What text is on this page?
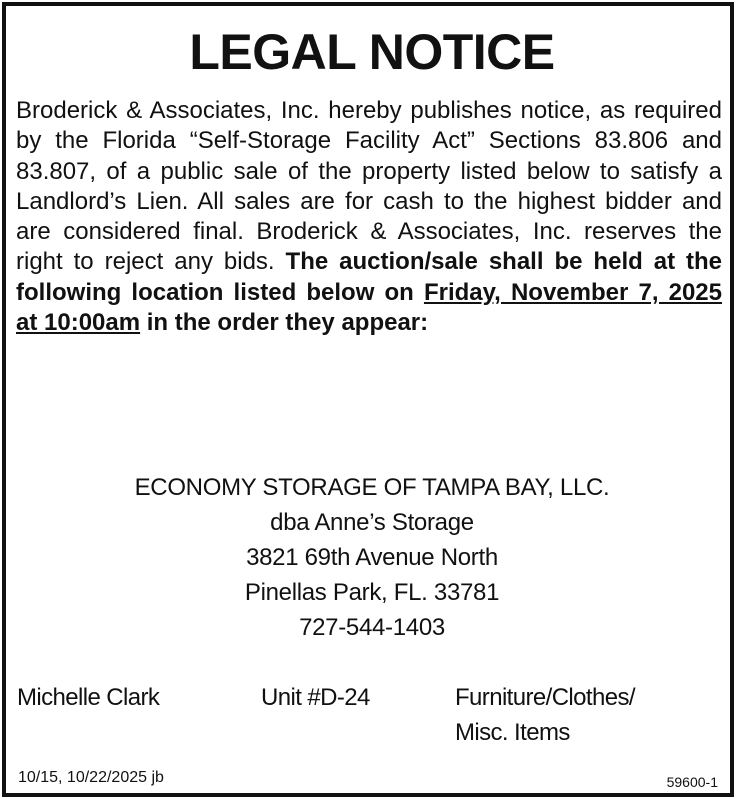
LEGAL NOTICE
Broderick & Associates, Inc. hereby publishes notice, as required by the Florida “Self-Storage Facility Act” Sections 83.806 and 83.807, of a public sale of the property listed below to satisfy a Landlord’s Lien. All sales are for cash to the highest bidder and are considered final. Broderick & Associates, Inc. reserves the right to reject any bids. The auction/sale shall be held at the following location listed below on Friday, November 7, 2025 at 10:00am in the order they appear:
ECONOMY STORAGE OF TAMPA BAY, LLC.
dba Anne’s Storage
3821 69th Avenue North
Pinellas Park, FL. 33781
727-544-1403
Michelle Clark	Unit #D-24	Furniture/Clothes/
Misc. Items
10/15, 10/22/2025 jb	59600-1
